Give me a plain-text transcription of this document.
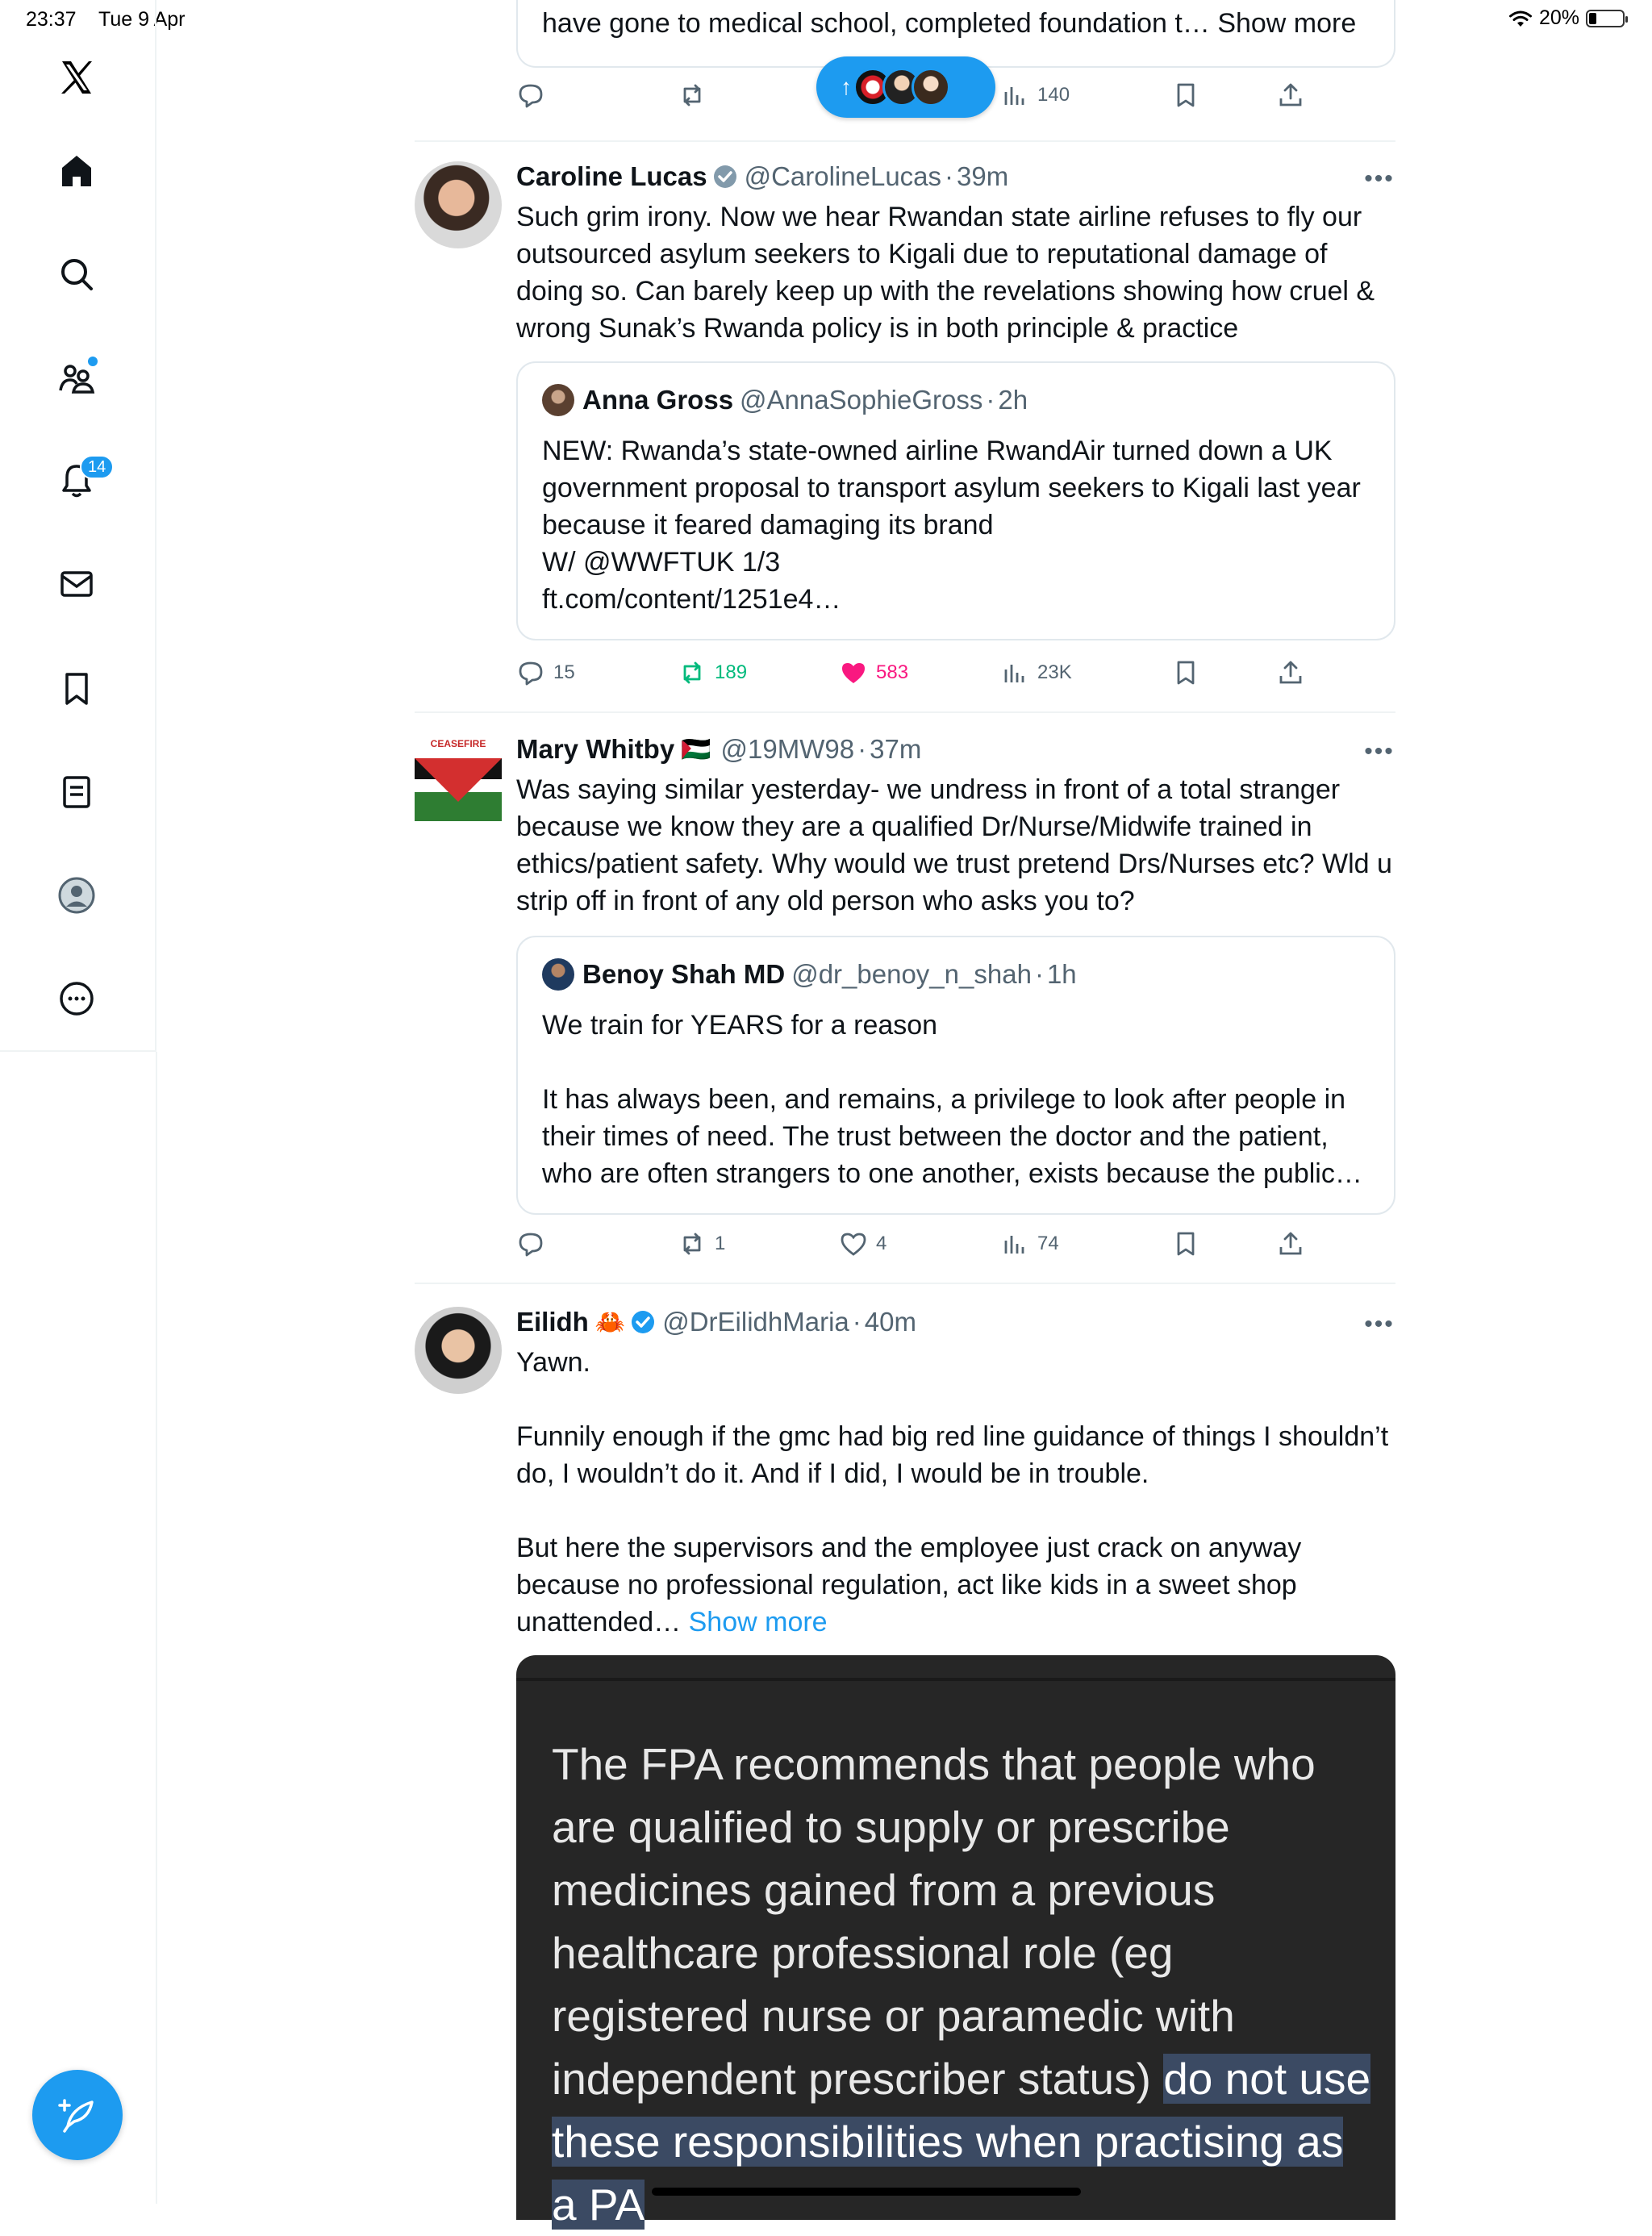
23:37 Tue 9 Apr	20%
14
have gone to medical school, completed foundation t… Show more
140
↑
Caroline Lucas @CarolineLucas · 39m	•••
Such grim irony. Now we hear Rwandan state airline refuses to fly our outsourced asylum seekers to Kigali due to reputational damage of doing so. Can barely keep up with the revelations showing how cruel & wrong Sunak’s Rwanda policy is in both principle & practice
Anna Gross @AnnaSophieGross · 2h
NEW: Rwanda’s state-owned airline RwandAir turned down a UK government proposal to transport asylum seekers to Kigali last year because it feared damaging its brand
W/ @WWFTUK 1/3
ft.com/content/1251e4…
15	189	583	23K
CEASEFIRE Mary Whitby 🇵🇸 @19MW98 · 37m	•••
Was saying similar yesterday- we undress in front of a total stranger because we know they are a qualified Dr/Nurse/Midwife trained in ethics/patient safety. Why would we trust pretend Drs/Nurses etc? Wld u strip off in front of any old person who asks you to?
Benoy Shah MD @dr_benoy_n_shah · 1h
We train for YEARS for a reason

It has always been, and remains, a privilege to look after people in their times of need. The trust between the doctor and the patient, who are often strangers to one another, exists because the public…
1	4	74
Eilidh 🦀 @DrEilidhMaria · 40m	•••
Yawn.

Funnily enough if the gmc had big red line guidance of things I shouldn’t do, I wouldn’t do it. And if I did, I would be in trouble.

But here the supervisors and the employee just crack on anyway because no professional regulation, act like kids in a sweet shop unattended… Show more
The FPA recommends that people who are qualified to supply or prescribe medicines gained from a previous healthcare professional role (eg registered nurse or paramedic with independent prescriber status) do not use these responsibilities when practising as a PA
